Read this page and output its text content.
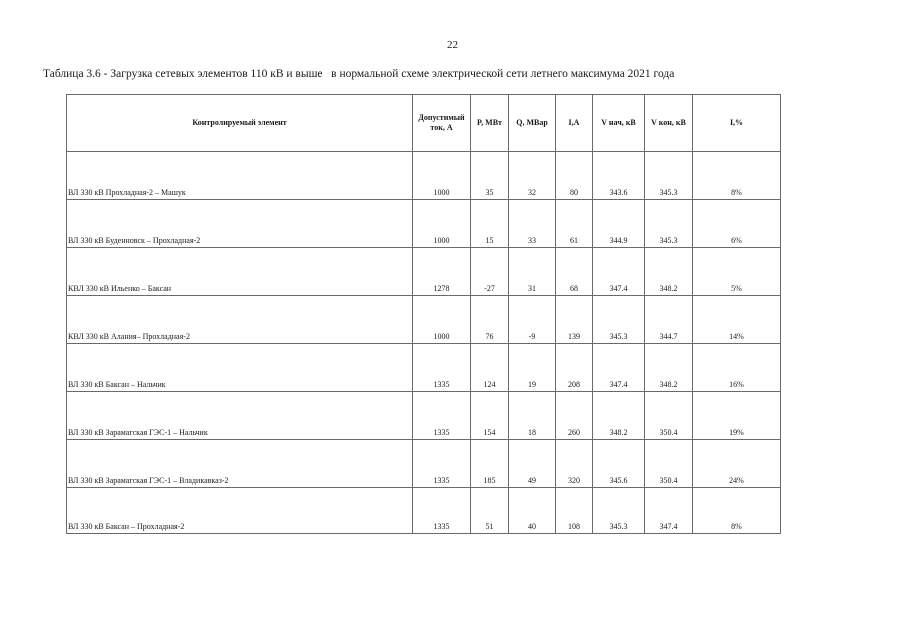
22
Таблица 3.6 - Загрузка сетевых элементов 110 кВ и выше   в нормальной схеме электрической сети летнего максимума 2021 года
Контролируемый элемент	Допустимый ток, А	P, МВт	Q, МВар	I,А	V нач, кВ	V кон, кВ	I,%
ВЛ 330 кВ Прохладная-2 – Машук	1000	35	32	80	343.6	345.3	8%
ВЛ 330 кВ Буденновск – Прохладная-2	1000	15	33	61	344.9	345.3	6%
КВЛ 330 кВ Ильенко – Баксан	1278	-27	31	68	347.4	348.2	5%
КВЛ 330 кВ Алания– Прохладная-2	1000	76	-9	139	345.3	344.7	14%
ВЛ 330 кВ Баксан – Нальчик	1335	124	19	208	347.4	348.2	16%
ВЛ 330 кВ Зарамагская ГЭС-1 – Нальчик	1335	154	18	260	348.2	350.4	19%
ВЛ 330 кВ Зарамагская ГЭС-1 – Владикавказ-2	1335	185	49	320	345.6	350.4	24%
ВЛ 330 кВ Баксан – Прохладная-2	1335	51	40	108	345.3	347.4	8%
